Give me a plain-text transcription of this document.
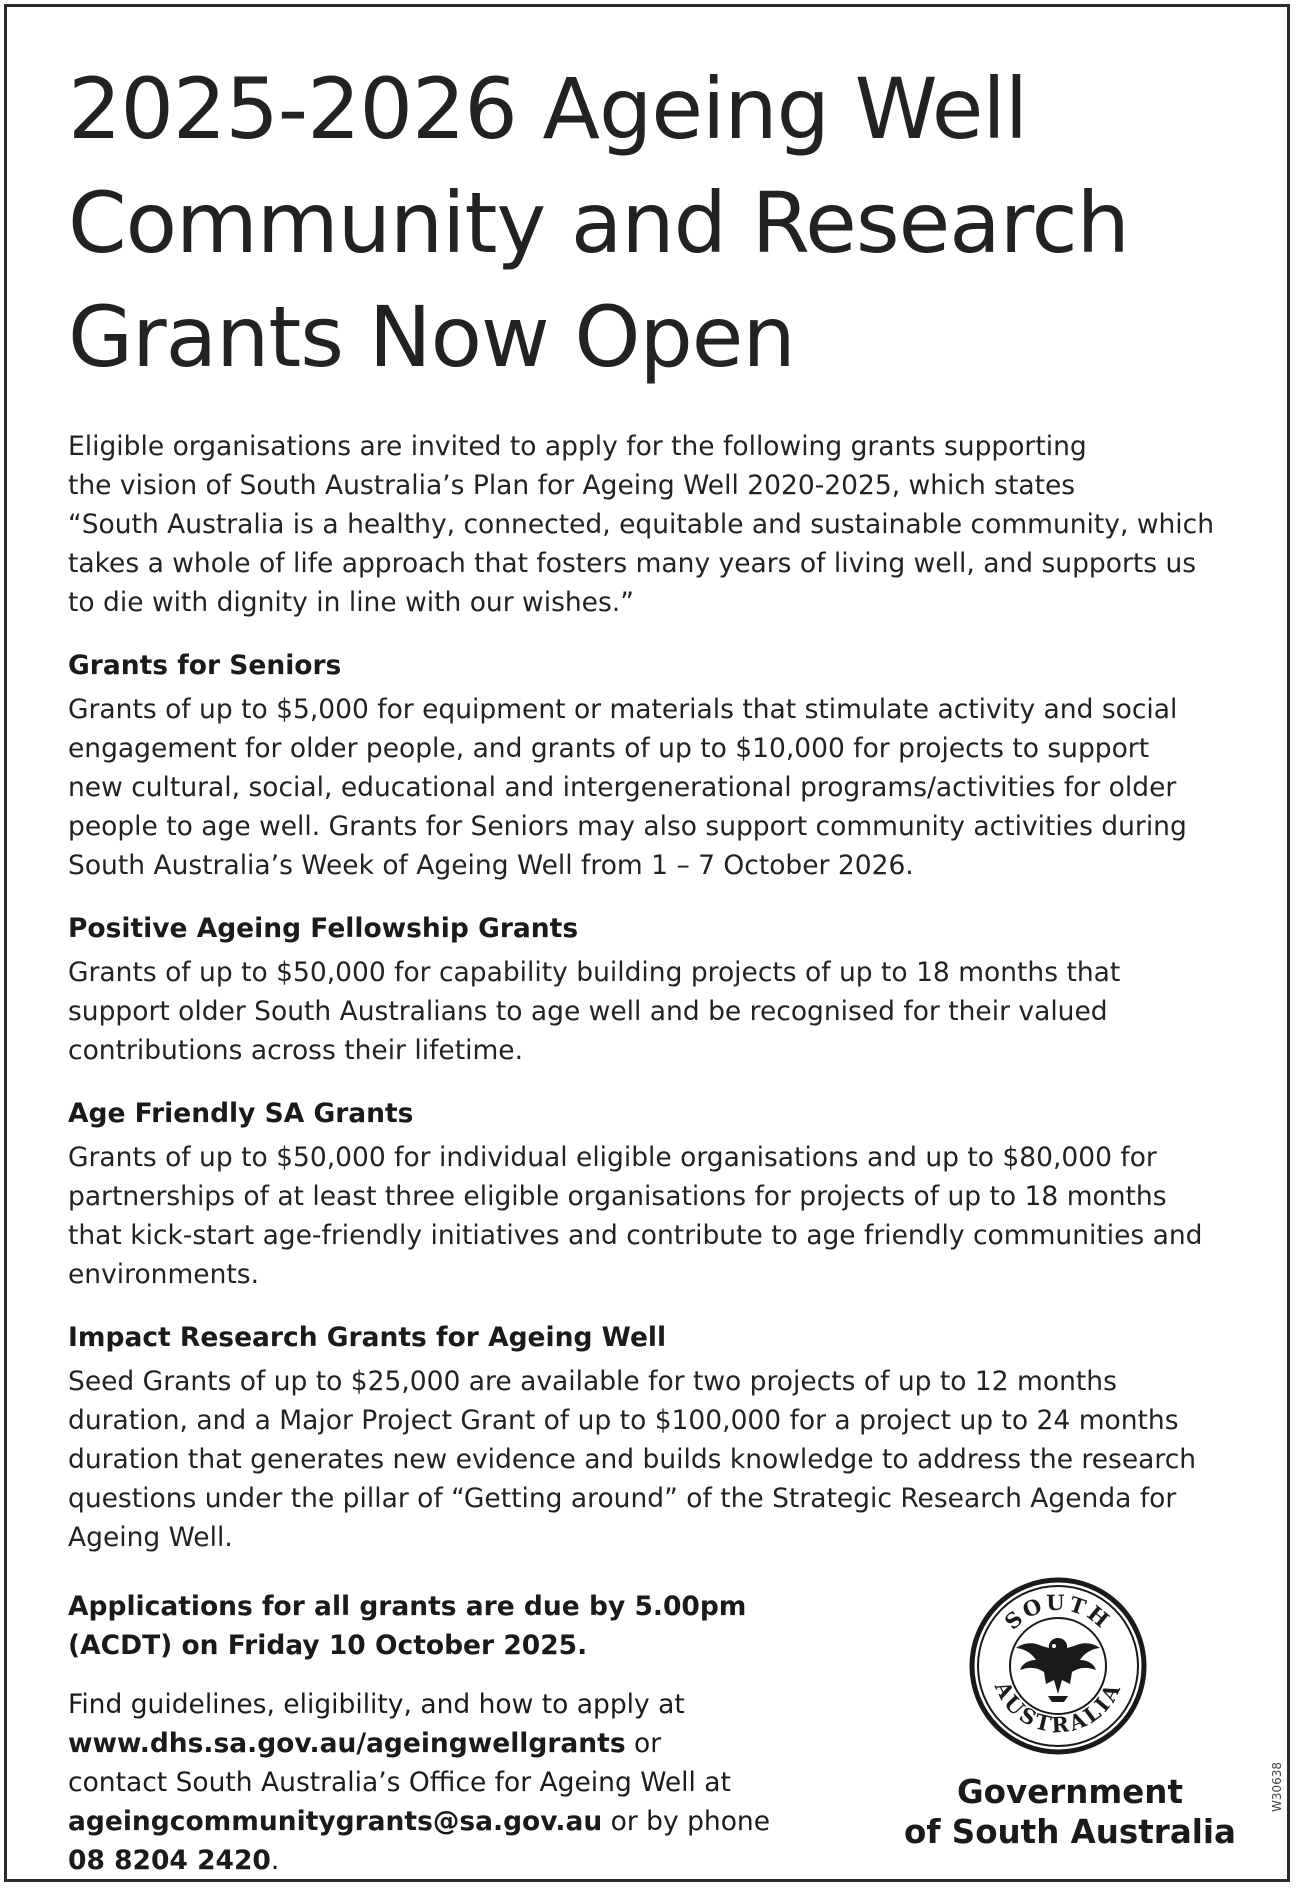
2025-2026 Ageing Well
Community and Research
Grants Now Open
Eligible organisations are invited to apply for the following grants supporting
the vision of South Australia’s Plan for Ageing Well 2020-2025, which states
“South Australia is a healthy, connected, equitable and sustainable community, which
takes a whole of life approach that fosters many years of living well, and supports us
to die with dignity in line with our wishes.”
Grants for Seniors

Grants of up to $5,000 for equipment or materials that stimulate activity and social
engagement for older people, and grants of up to $10,000 for projects to support
new cultural, social, educational and intergenerational programs/activities for older
people to age well. Grants for Seniors may also support community activities during
South Australia’s Week of Ageing Well from 1 – 7 October 2026.

Positive Ageing Fellowship Grants

Grants of up to $50,000 for capability building projects of up to 18 months that
support older South Australians to age well and be recognised for their valued
contributions across their lifetime.

Age Friendly SA Grants

Grants of up to $50,000 for individual eligible organisations and up to $80,000 for
partnerships of at least three eligible organisations for projects of up to 18 months
that kick-start age-friendly initiatives and contribute to age friendly communities and
environments.

Impact Research Grants for Ageing Well

Seed Grants of up to $25,000 are available for two projects of up to 12 months
duration, and a Major Project Grant of up to $100,000 for a project up to 24 months
duration that generates new evidence and builds knowledge to address the research
questions under the pillar of “Getting around” of the Strategic Research Agenda for
Ageing Well.

Applications for all grants are due by 5.00pm
(ACDT) on Friday 10 October 2025.
Find guidelines, eligibility, and how to apply at
www.dhs.sa.gov.au/ageingwellgrants or
contact South Australia’s Office for Ageing Well at
ageingcommunitygrants@sa.gov.au or by phone
08 8204 2420.
SOUTH
AUSTRALIA
Government
of South Australia
W30638
